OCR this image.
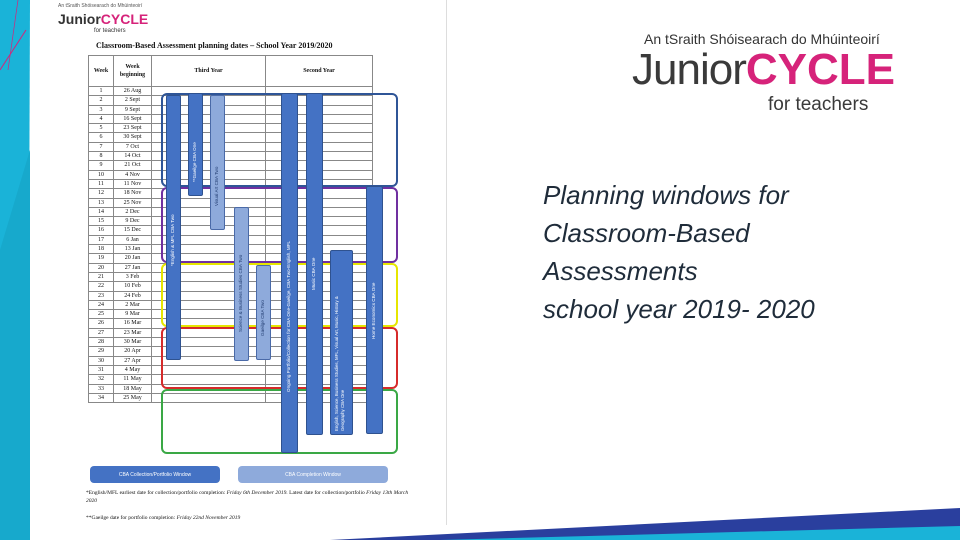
An tSraith Shóisearach do Mhúinteoirí
JuniorCYCLE
for teachers
Classroom-Based Assessment planning dates – School Year 2019/2020
Week	Week beginning	Third Year	Second Year
1	26 Aug		
2	2 Sept		
3	9 Sept		
4	16 Sept		
5	23 Sept		
6	30 Sept		
7	7 Oct		
8	14 Oct		
9	21 Oct		
10	4 Nov		
11	11 Nov		
12	18 Nov		
13	25 Nov		
14	2 Dec		
15	9 Dec		
16	15 Dec		
17	6 Jan		
18	13 Jan		
19	20 Jan		
20	27 Jan		
21	3 Feb		
22	10 Feb		
23	24 Feb		
24	2 Mar		
25	9 Mar		
26	16 Mar		
27	23 Mar		
28	30 Mar		
29	20 Apr		
30	27 Apr		
31	4 May		
32	11 May		
33	18 May		
34	25 May		
*English & MFL CBA Two
**Gaeilge CBA One
Visual Art CBA Two
Science & Business Studies CBA Two	Gaeilge CBA Two	Ongoing Portfolio/Collection for CBA One-Gaeilge, CBA Two-English, MFL	Music CBA One
English, Science, Business Studies, MFL, Visual Art, Music, History & Geography CBA One
Home Economics CBA One
CBA Collection/Portfolio Window	CBA Completion Window
*English/MFL earliest date for collection/portfolio completion: Friday 6th December 2019. Latest date for collection/portfolio Friday 13th March 2020
**Gaeilge date for portfolio completion: Friday 22nd November 2019
An tSraith Shóisearach do Mhúinteoirí
JuniorCYCLE
for teachers
Planning windows for
Classroom-Based
Assessments
school year 2019- 2020
